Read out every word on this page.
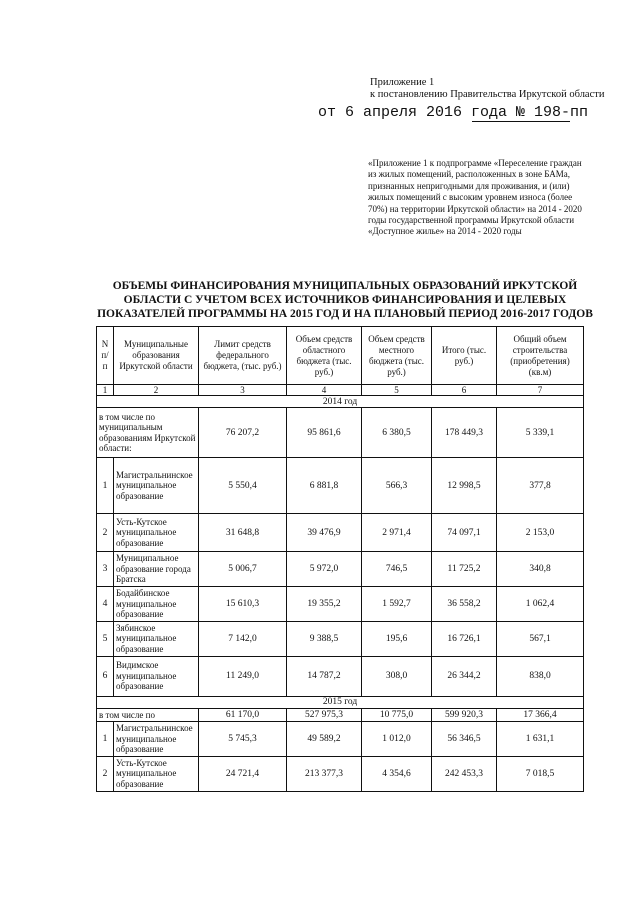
Приложение 1
к постановлению Правительства Иркутской области
от 6 апреля 2016 года № 198-пп
«Приложение 1 к подпрограмме «Переселение граждан из жилых помещений, расположенных в зоне БАМа, признанных непригодными для проживания, и (или) жилых помещений с высоким уровнем износа (более 70%) на территории Иркутской области» на 2014 - 2020 годы государственной программы Иркутской области «Доступное жилье» на 2014 - 2020 годы
ОБЪЕМЫ ФИНАНСИРОВАНИЯ МУНИЦИПАЛЬНЫХ ОБРАЗОВАНИЙ ИРКУТСКОЙ ОБЛАСТИ С УЧЕТОМ ВСЕХ ИСТОЧНИКОВ ФИНАНСИРОВАНИЯ И ЦЕЛЕВЫХ ПОКАЗАТЕЛЕЙ ПРОГРАММЫ НА 2015 ГОД И НА ПЛАНОВЫЙ ПЕРИОД 2016-2017 ГОДОВ
N п/п	Муниципальные образования Иркутской области	Лимит средств федерального бюджета, (тыс. руб.)	Объем средств областного бюджета (тыс. руб.)	Объем средств местного бюджета (тыс. руб.)	Итого (тыс. руб.)	Общий объем строительства (приобретения) (кв.м)
1	2	3	4	5	6	7
2014 год						
в том числе по муниципальным образованиям Иркутской области:		76 207,2	95 861,6	6 380,5	178 449,3	5 339,1
1	Магистральнинское муниципальное образование	5 550,4	6 881,8	566,3	12 998,5	377,8
2	Усть-Кутское муниципальное образование	31 648,8	39 476,9	2 971,4	74 097,1	2 153,0
3	Муниципальное образование города Братска	5 006,7	5 972,0	746,5	11 725,2	340,8
4	Бодайбинское муниципальное образование	15 610,3	19 355,2	1 592,7	36 558,2	1 062,4
5	Зябинское муниципальное образование	7 142,0	9 388,5	195,6	16 726,1	567,1
6	Видимское муниципальное образование	11 249,0	14 787,2	308,0	26 344,2	838,0
2015 год						
в том числе по		61 170,0	527 975,3	10 775,0	599 920,3	17 366,4
1	Магистральнинское муниципальное образование	5 745,3	49 589,2	1 012,0	56 346,5	1 631,1
2	Усть-Кутское муниципальное образование	24 721,4	213 377,3	4 354,6	242 453,3	7 018,5
